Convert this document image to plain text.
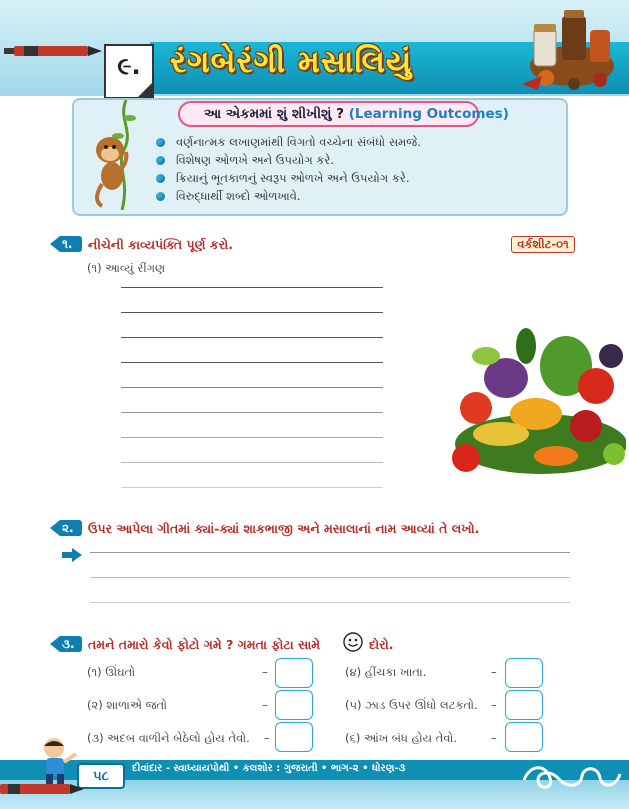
રંગબેરંગી મસાલિયું
૯.
આ એકમમાં શું શીખીશું ? (Learning Outcomes)
વર્ણનાત્મક લખાણમાંથી વિગતો વચ્ચેના સંબંધો સમજે.
વિશેષણ ઓળખે અને ઉપયોગ કરે.
ક્રિયાનું ભૂતકાળનું સ્વરૂપ ઓળખે અને ઉપયોગ કરે.
વિરુદ્ધાર્થી શબ્દો ઓળખાવે.
૧.	નીચેની કાવ્યપંક્તિ પૂર્ણ કરો.	વર્કશીટ-૦૧
(૧) આવ્યું રીંગણ
૨.	ઉપર આપેલા ગીતમાં ક્યાં-ક્યાં શાકભાજી અને મસાલાનાં નામ આવ્યાં તે લખો.
૩.	તમને તમારો કેવો ફોટો ગમે ? ગમતા ફોટા સામે	દોરો.
(૧) ઊંઘતો	–	(૪) હીંચકા ખાતા.	–
(૨) શાળાએ જતો	–	(૫) ઝાડ ઉપર ઊંધો લટકતો. –
(૩) અદબ વાળીને બેઠેલો હોય તેવો. –	(૬) આંખ બંધ હોય તેવો.	–
દીવાંદાર - સ્વાધ્યાયપોથી • કલશોર : ગુજરાતી • ભાગ-૨ • ધોરણ-૩
૫૮
